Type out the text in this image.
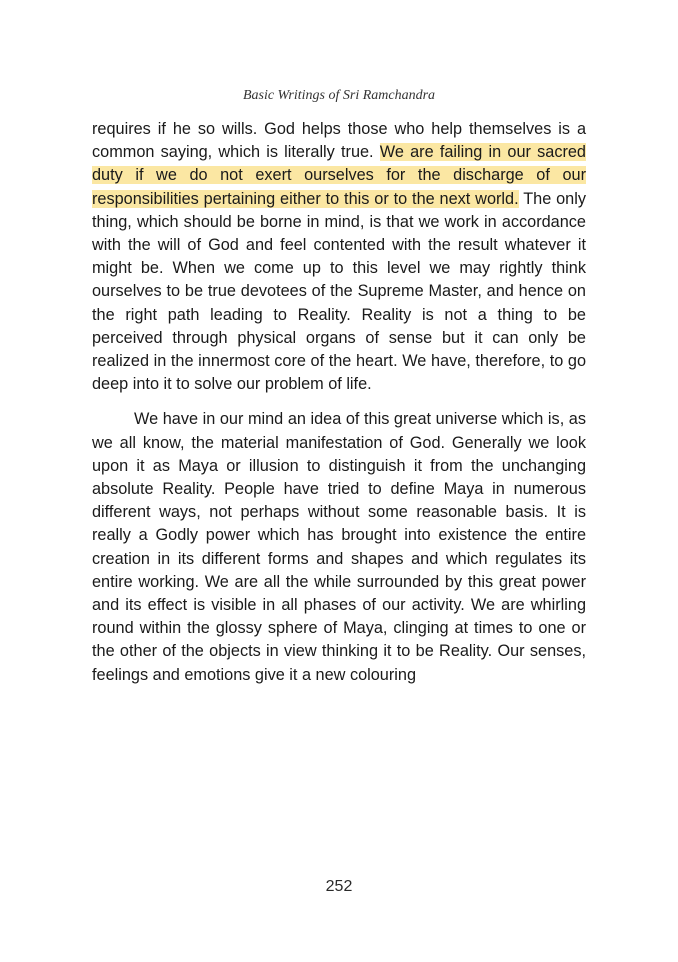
Basic Writings of Sri Ramchandra

requires if he so wills. God helps those who help themselves is a common saying, which is literally true. We are failing in our sacred duty if we do not exert ourselves for the discharge of our responsibilities pertaining either to this or to the next world. The only thing, which should be borne in mind, is that we work in accordance with the will of God and feel contented with the result whatever it might be. When we come up to this level we may rightly think ourselves to be true devotees of the Supreme Master, and hence on the right path leading to Reality. Reality is not a thing to be perceived through physical organs of sense but it can only be realized in the innermost core of the heart. We have, therefore, to go deep into it to solve our problem of life.

We have in our mind an idea of this great universe which is, as we all know, the material manifestation of God. Generally we look upon it as Maya or illusion to distinguish it from the unchanging absolute Reality. People have tried to define Maya in numerous different ways, not perhaps without some reasonable basis. It is really a Godly power which has brought into existence the entire creation in its different forms and shapes and which regulates its entire working. We are all the while surrounded by this great power and its effect is visible in all phases of our activity. We are whirling round within the glossy sphere of Maya, clinging at times to one or the other of the objects in view thinking it to be Reality. Our senses, feelings and emotions give it a new colouring

252
